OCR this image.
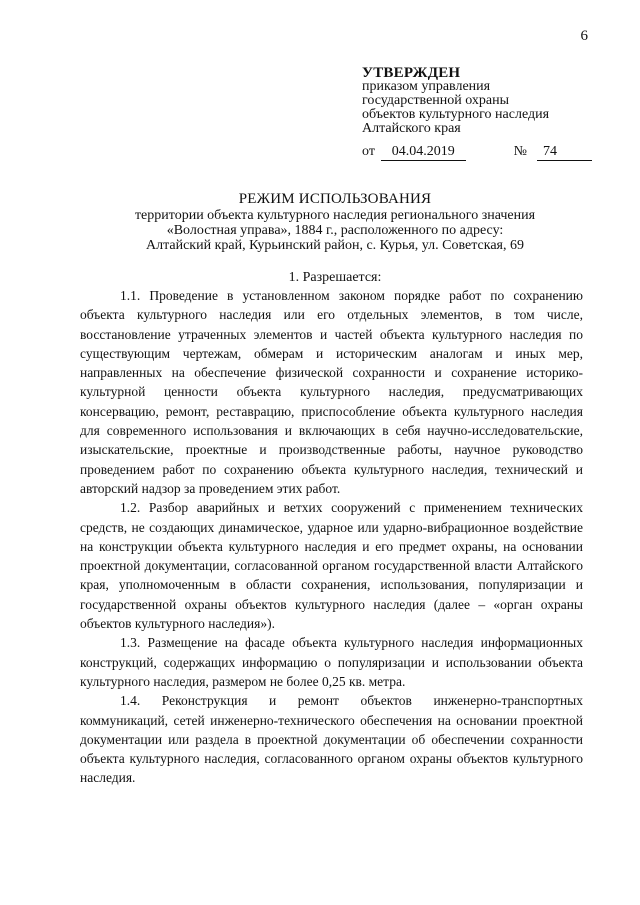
6
УТВЕРЖДЕН
приказом управления
государственной охраны
объектов культурного наследия
Алтайского края
от	04.04.2019	№	74
РЕЖИМ ИСПОЛЬЗОВАНИЯ
территории объекта культурного наследия регионального значения
«Волостная управа», 1884 г., расположенного по адресу:
Алтайский край, Курьинский район, с. Курья, ул. Советская, 69
1. Разрешается:

1.1. Проведение в установленном законом порядке работ по сохранению объекта культурного наследия или его отдельных элементов, в том числе, восстановление утраченных элементов и частей объекта культурного наследия по существующим чертежам, обмерам и историческим аналогам и иных мер, направленных на обеспечение физической сохранности и сохранение историко-культурной ценности объекта культурного наследия, предусматривающих консервацию, ремонт, реставрацию, приспособление объекта культурного наследия для современного использования и включающих в себя научно-исследовательские, изыскательские, проектные и производственные работы, научное руководство проведением работ по сохранению объекта культурного наследия, технический и авторский надзор за проведением этих работ.

1.2. Разбор аварийных и ветхих сооружений с применением технических средств, не создающих динамическое, ударное или ударно-вибрационное воздействие на конструкции объекта культурного наследия и его предмет охраны, на основании проектной документации, согласованной органом государственной власти Алтайского края, уполномоченным в области сохранения, использования, популяризации и государственной охраны объектов культурного наследия (далее – «орган охраны объектов культурного наследия»).

1.3. Размещение на фасаде объекта культурного наследия информационных конструкций, содержащих информацию о популяризации и использовании объекта культурного наследия, размером не более 0,25 кв. метра.

1.4. Реконструкция и ремонт объектов инженерно-транспортных коммуникаций, сетей инженерно-технического обеспечения на основании проектной документации или раздела в проектной документации об обеспечении сохранности объекта культурного наследия, согласованного органом охраны объектов культурного наследия.
